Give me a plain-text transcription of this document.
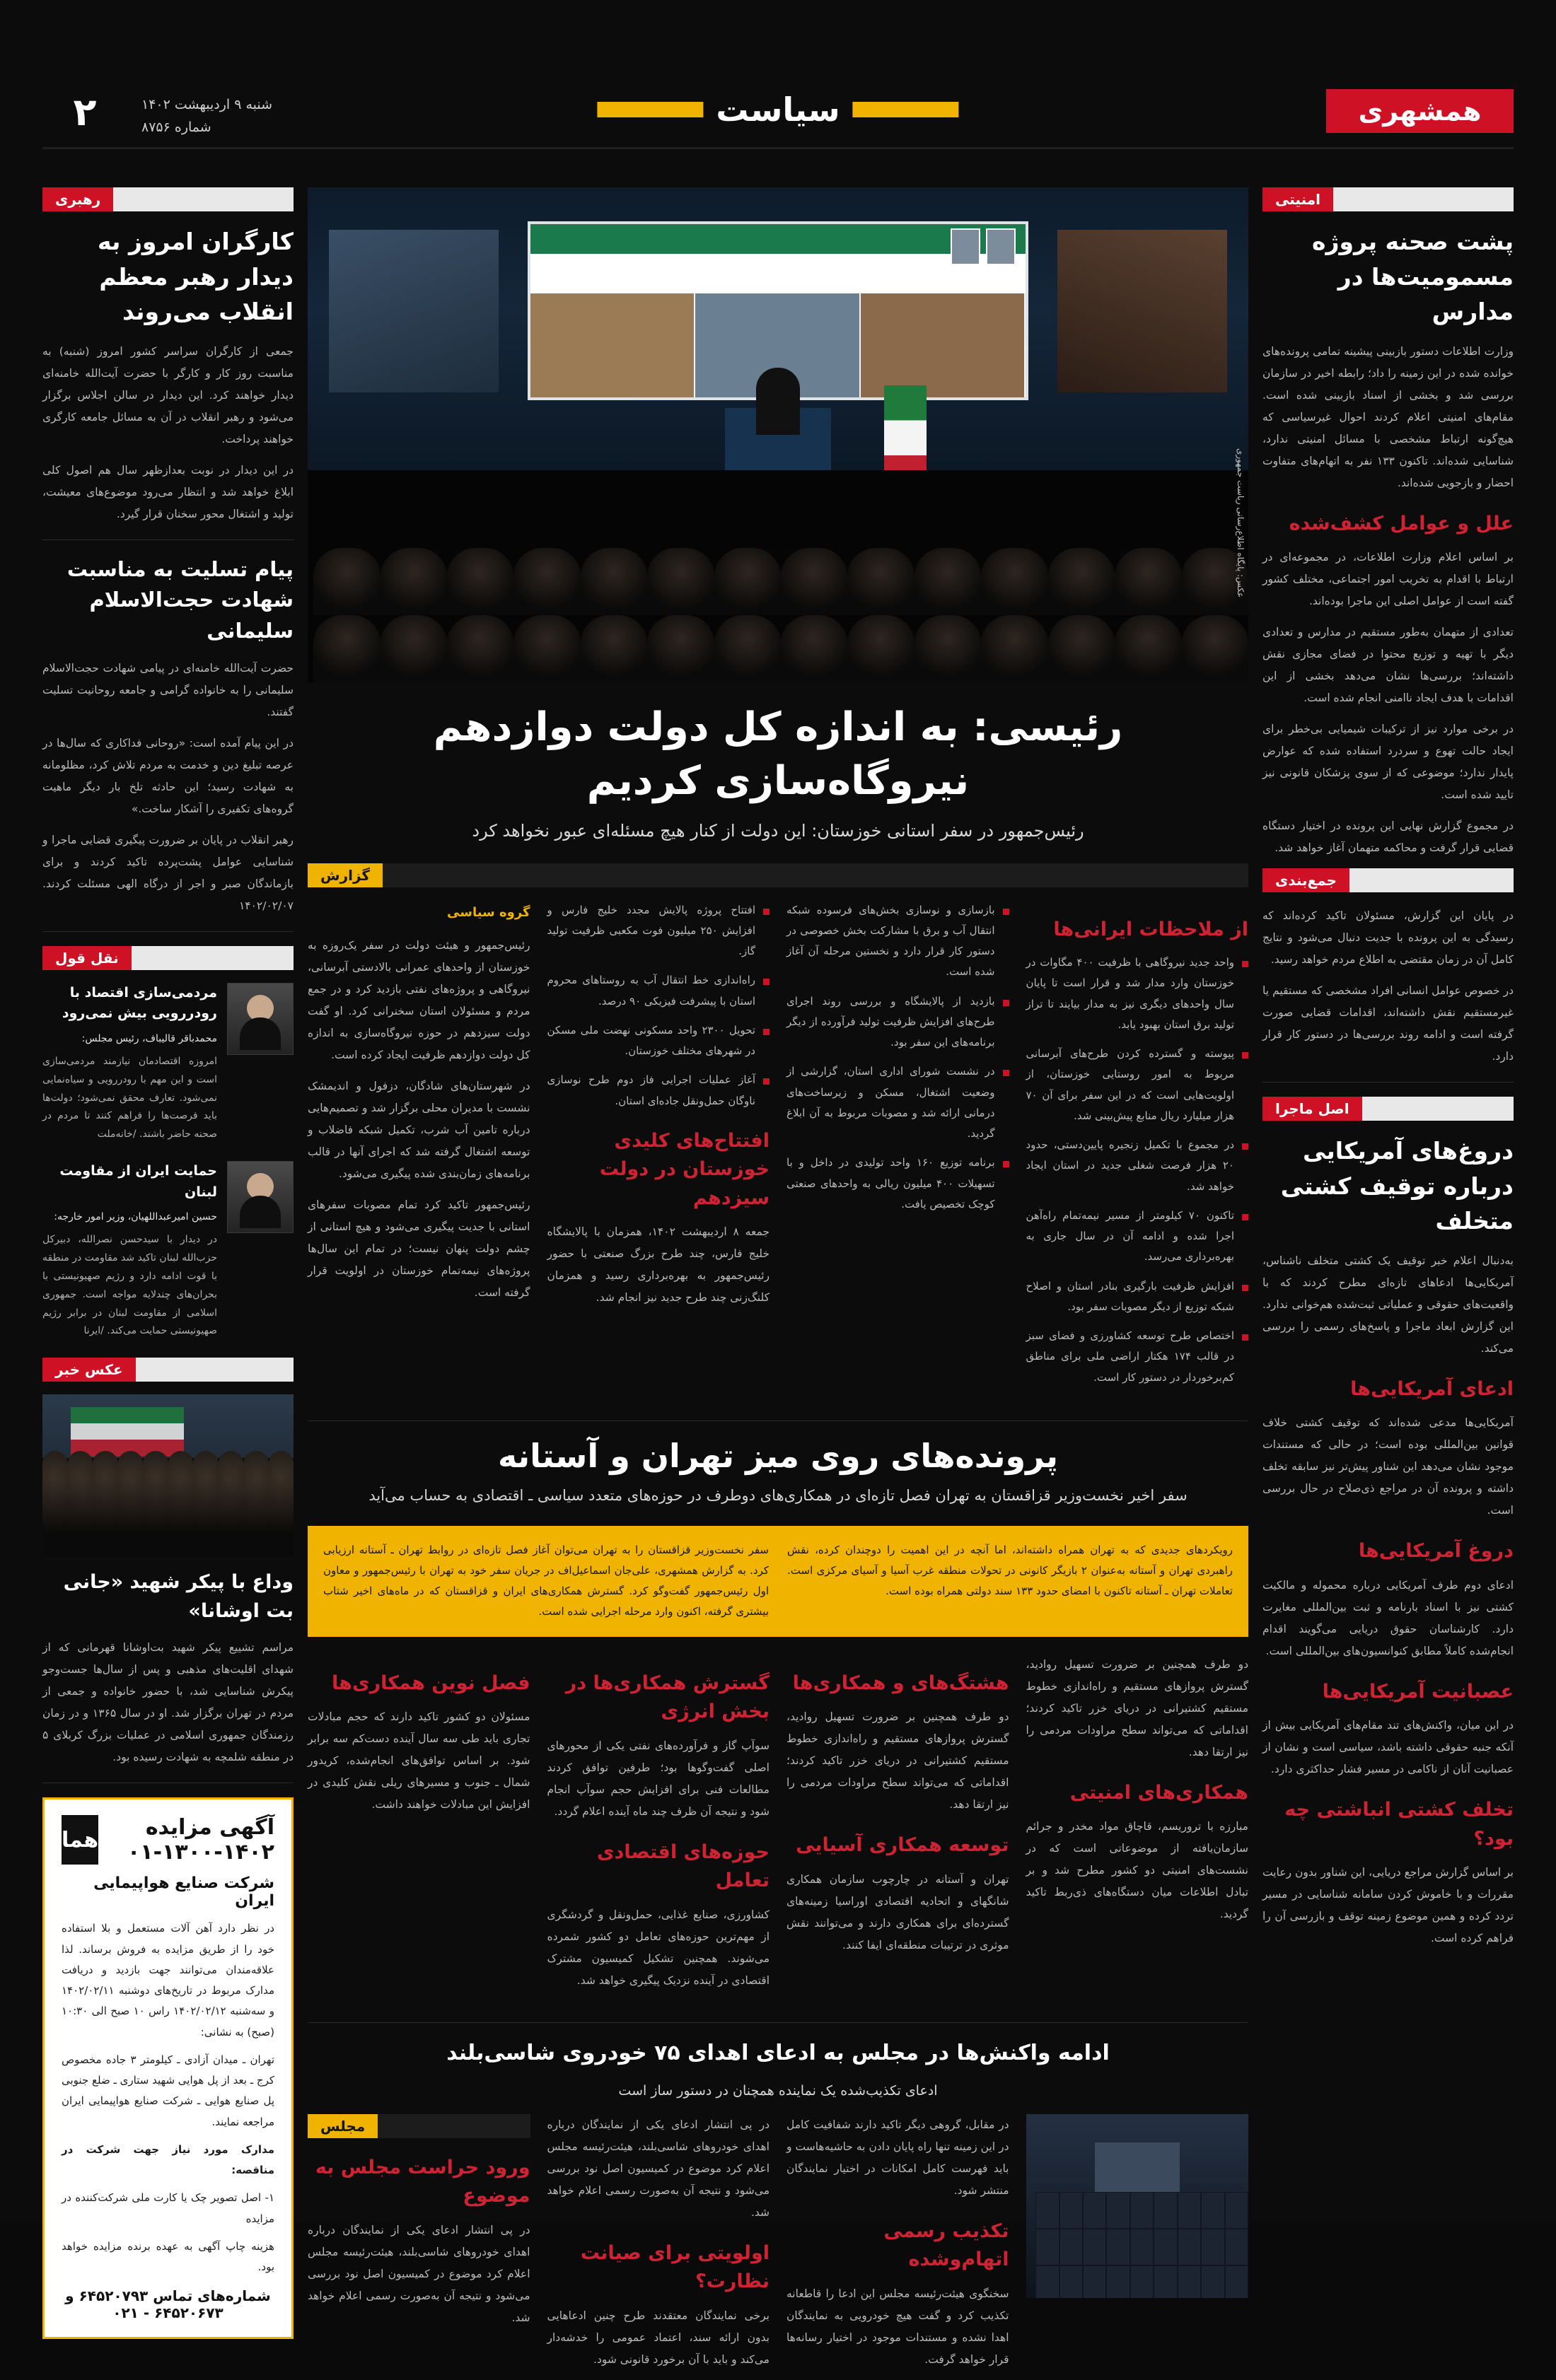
همشهری
سیاست
شنبه ۹ اردیبهشت ۱۴۰۲
شماره ۸۷۵۶
۲
امنیتی
پشت صحنه پروژه مسمومیت‌ها در مدارس

وزارت اطلاعات دستور بازبینی پیشینه تمامی پرونده‌های خوانده شده در این زمینه را داد؛ رابطه اخیر در سازمان بررسی شد و بخشی از اسناد بازبینی شده است. مقام‌های امنیتی اعلام کردند احوال غیرسیاسی که هیچ‌گونه ارتباط مشخصی با مسائل امنیتی ندارد، شناسایی شده‌اند. تاکنون ۱۳۳ نفر به اتهام‌های متفاوت احضار و بازجویی شده‌اند.

علل و عوامل کشف‌شده

بر اساس اعلام وزارت اطلاعات، در مجموعه‌ای در ارتباط با اقدام به تخریب امور اجتماعی، مختلف کشور گفته است از عوامل اصلی این ماجرا بوده‌اند.

تعدادی از متهمان به‌طور مستقیم در مدارس و تعدادی دیگر با تهیه و توزیع محتوا در فضای مجازی نقش داشته‌اند؛ بررسی‌ها نشان می‌دهد بخشی از این اقدامات با هدف ایجاد ناامنی انجام شده است.

در برخی موارد نیز از ترکیبات شیمیایی بی‌خطر برای ایجاد حالت تهوع و سردرد استفاده شده که عوارض پایدار ندارد؛ موضوعی که از سوی پزشکان قانونی نیز تایید شده است.

در مجموع گزارش نهایی این پرونده در اختیار دستگاه قضایی قرار گرفت و محاکمه متهمان آغاز خواهد شد.

جمع‌بندی

در پایان این گزارش، مسئولان تاکید کرده‌اند که رسیدگی به این پرونده با جدیت دنبال می‌شود و نتایج کامل آن در زمان مقتضی به اطلاع مردم خواهد رسید.

در خصوص عوامل انسانی افراد مشخصی که مستقیم یا غیرمستقیم نقش داشته‌اند، اقدامات قضایی صورت گرفته است و ادامه روند بررسی‌ها در دستور کار قرار دارد.

اصل ماجرا
دروغ‌های آمریکایی درباره توقیف کشتی متخلف

به‌دنبال اعلام خبر توقیف یک کشتی متخلف ناشناس، آمریکایی‌ها ادعاهای تازه‌ای مطرح کردند که با واقعیت‌های حقوقی و عملیاتی ثبت‌شده هم‌خوانی ندارد. این گزارش ابعاد ماجرا و پاسخ‌های رسمی را بررسی می‌کند.

ادعای آمریکایی‌ها

آمریکایی‌ها مدعی شده‌اند که توقیف کشتی خلاف قوانین بین‌المللی بوده است؛ در حالی که مستندات موجود نشان می‌دهد این شناور پیش‌تر نیز سابقه تخلف داشته و پرونده آن در مراجع ذی‌صلاح در حال بررسی است.

دروغ آمریکایی‌ها

ادعای دوم طرف آمریکایی درباره محموله و مالکیت کشتی نیز با اسناد بارنامه و ثبت بین‌المللی مغایرت دارد. کارشناسان حقوق دریایی می‌گویند اقدام انجام‌شده کاملاً مطابق کنوانسیون‌های بین‌المللی است.

عصبانیت آمریکایی‌ها

در این میان، واکنش‌های تند مقام‌های آمریکایی بیش از آنکه جنبه حقوقی داشته باشد، سیاسی است و نشان از عصبانیت آنان از ناکامی در مسیر فشار حداکثری دارد.

تخلف کشتی انباشتی چه بود؟

بر اساس گزارش مراجع دریایی، این شناور بدون رعایت مقررات و با خاموش کردن سامانه شناسایی در مسیر تردد کرده و همین موضوع زمینه توقف و بازرسی آن را فراهم کرده است.

عکس: پایگاه اطلاع‌رسانی ریاست جمهوری
رئیسی: به اندازه کل دولت دوازدهم نیروگاه‌سازی کردیم

رئیس‌جمهور در سفر استانی خوزستان: این دولت از کنار هیچ مسئله‌ای عبور نخواهد کرد

گزارش
از ملاحظات ایرانی‌ها
واحد جدید نیروگاهی با ظرفیت ۴۰۰ مگاوات در خوزستان وارد مدار شد و قرار است تا پایان سال واحدهای دیگری نیز به مدار بیایند تا تراز تولید برق استان بهبود یابد.
پیوسته و گسترده کردن طرح‌های آبرسانی مربوط به امور روستایی خوزستان، از اولویت‌هایی است که در این سفر برای آن ۷۰ هزار میلیارد ریال منابع پیش‌بینی شد.
در مجموع با تکمیل زنجیره پایین‌دستی، حدود ۲۰ هزار فرصت شغلی جدید در استان ایجاد خواهد شد.
تاکنون ۷۰ کیلومتر از مسیر نیمه‌تمام راه‌آهن اجرا شده و ادامه آن در سال جاری به بهره‌برداری می‌رسد.
افزایش ظرفیت بارگیری بنادر استان و اصلاح شبکه توزیع از دیگر مصوبات سفر بود.
اختصاص طرح توسعه کشاورزی و فضای سبز در قالب ۱۷۴ هکتار اراضی ملی برای مناطق کم‌برخوردار در دستور کار است.
بازسازی و نوسازی بخش‌های فرسوده شبکه انتقال آب و برق با مشارکت بخش خصوصی در دستور کار قرار دارد و نخستین مرحله آن آغاز شده است.
بازدید از پالایشگاه و بررسی روند اجرای طرح‌های افزایش ظرفیت تولید فرآورده از دیگر برنامه‌های این سفر بود.
در نشست شورای اداری استان، گزارشی از وضعیت اشتغال، مسکن و زیرساخت‌های درمانی ارائه شد و مصوبات مربوط به آن ابلاغ گردید.
برنامه توزیع ۱۶۰ واحد تولیدی در داخل و با تسهیلات ۴۰۰ میلیون ریالی به واحدهای صنعتی کوچک تخصیص یافت.
افتتاح پروژه پالایش مجدد خلیج فارس و افزایش ۲۵۰ میلیون فوت مکعبی ظرفیت تولید گاز.
راه‌اندازی خط انتقال آب به روستاهای محروم استان با پیشرفت فیزیکی ۹۰ درصد.
تحویل ۲۳۰۰ واحد مسکونی نهضت ملی مسکن در شهرهای مختلف خوزستان.
آغاز عملیات اجرایی فاز دوم طرح نوسازی ناوگان حمل‌ونقل جاده‌ای استان.
افتتاح‌های کلیدی خوزستان در دولت سیزدهم

جمعه ۸ اردیبهشت ۱۴۰۲، همزمان با پالایشگاه خلیج فارس، چند طرح بزرگ صنعتی با حضور رئیس‌جمهور به بهره‌برداری رسید و همزمان کلنگ‌زنی چند طرح جدید نیز انجام شد.

گروه سیاسی

رئیس‌جمهور و هیئت دولت در سفر یک‌روزه به خوزستان از واحدهای عمرانی بالادستی آبرسانی، نیروگاهی و پروژه‌های نفتی بازدید کرد و در جمع مردم و مسئولان استان سخنرانی کرد. او گفت دولت سیزدهم در حوزه نیروگاه‌سازی به اندازه کل دولت دوازدهم ظرفیت ایجاد کرده است.

در شهرستان‌های شادگان، دزفول و اندیمشک نشست با مدیران محلی برگزار شد و تصمیم‌هایی درباره تامین آب شرب، تکمیل شبکه فاضلاب و توسعه اشتغال گرفته شد که اجرای آنها در قالب برنامه‌های زمان‌بندی شده پیگیری می‌شود.

رئیس‌جمهور تاکید کرد تمام مصوبات سفرهای استانی با جدیت پیگیری می‌شود و هیچ استانی از چشم دولت پنهان نیست؛ در تمام این سال‌ها پروژه‌های نیمه‌تمام خوزستان در اولویت قرار گرفته است.

پرونده‌های روی میز تهران و آستانه

سفر اخیر نخست‌وزیر قزاقستان به تهران فصل تازه‌ای در همکاری‌های دوطرف در حوزه‌های متعدد سیاسی ـ اقتصادی به حساب می‌آید

رویکردهای جدیدی که به تهران همراه داشته‌اند، اما آنچه در این اهمیت را دوچندان کرده، نقش راهبردی تهران و آستانه به‌عنوان ۲ بازیگر کانونی در تحولات منطقه غرب آسیا و آسیای مرکزی است. تعاملات تهران ـ آستانه تاکنون با امضای حدود ۱۳۳ سند دولتی همراه بوده است.

سفر نخست‌وزیر قزاقستان را به تهران می‌توان آغاز فصل تازه‌ای در روابط تهران ـ آستانه ارزیابی کرد. به گزارش همشهری، علی‌جان اسماعیل‌اف در جریان سفر خود به تهران با رئیس‌جمهور و معاون اول رئیس‌جمهور گفت‌وگو کرد. گسترش همکاری‌های ایران و قزاقستان که در ماه‌های اخیر شتاب بیشتری گرفته، اکنون وارد مرحله اجرایی شده است.

دو طرف همچنین بر ضرورت تسهیل روادید، گسترش پروازهای مستقیم و راه‌اندازی خطوط مستقیم کشتیرانی در دریای خزر تاکید کردند؛ اقداماتی که می‌تواند سطح مراودات مردمی را نیز ارتقا دهد.

همکاری‌های امنیتی

مبارزه با تروریسم، قاچاق مواد مخدر و جرائم سازمان‌یافته از موضوعاتی است که در نشست‌های امنیتی دو کشور مطرح شد و بر تبادل اطلاعات میان دستگاه‌های ذی‌ربط تاکید گردید.

هشتگ‌های و همکاری‌ها

دو طرف همچنین بر ضرورت تسهیل روادید، گسترش پروازهای مستقیم و راه‌اندازی خطوط مستقیم کشتیرانی در دریای خزر تاکید کردند؛ اقداماتی که می‌تواند سطح مراودات مردمی را نیز ارتقا دهد.

توسعه همکاری آسیایی

تهران و آستانه در چارچوب سازمان همکاری شانگهای و اتحادیه اقتصادی اوراسیا زمینه‌های گسترده‌ای برای همکاری دارند و می‌توانند نقش موثری در ترتیبات منطقه‌ای ایفا کنند.

گسترش همکاری‌ها در بخش انرژی

سوآپ گاز و فرآورده‌های نفتی یکی از محورهای اصلی گفت‌وگوها بود؛ طرفین توافق کردند مطالعات فنی برای افزایش حجم سوآپ انجام شود و نتیجه آن ظرف چند ماه آینده اعلام گردد.

حوزه‌های اقتصادی تعامل

کشاورزی، صنایع غذایی، حمل‌ونقل و گردشگری از مهم‌ترین حوزه‌های تعامل دو کشور شمرده می‌شوند. همچنین تشکیل کمیسیون مشترک اقتصادی در آینده نزدیک پیگیری خواهد شد.

فصل نوین همکاری‌ها

مسئولان دو کشور تاکید دارند که حجم مبادلات تجاری باید طی سه سال آینده دست‌کم سه برابر شود. بر اساس توافق‌های انجام‌شده، کریدور شمال ـ جنوب و مسیرهای ریلی نقش کلیدی در افزایش این مبادلات خواهند داشت.

ادامه واکنش‌ها در مجلس به ادعای اهدای ۷۵ خودروی شاسی‌بلند

ادعای تکذیب‌شده یک نماینده همچنان در دستور ساز است

در مقابل، گروهی دیگر تاکید دارند شفافیت کامل در این زمینه تنها راه پایان دادن به حاشیه‌هاست و باید فهرست کامل امکانات در اختیار نمایندگان منتشر شود.

تکذیب رسمی اتهام‌وشده

سخنگوی هیئت‌رئیسه مجلس این ادعا را قاطعانه تکذیب کرد و گفت هیچ خودرویی به نمایندگان اهدا نشده و مستندات موجود در اختیار رسانه‌ها قرار خواهد گرفت.

در پی انتشار ادعای یکی از نمایندگان درباره اهدای خودروهای شاسی‌بلند، هیئت‌رئیسه مجلس اعلام کرد موضوع در کمیسیون اصل نود بررسی می‌شود و نتیجه آن به‌صورت رسمی اعلام خواهد شد.

اولویتی برای صیانت نظارت؟

برخی نمایندگان معتقدند طرح چنین ادعاهایی بدون ارائه سند، اعتماد عمومی را خدشه‌دار می‌کند و باید با آن برخورد قانونی شود.

مجلس
ورود حراست مجلس به موضوع

در پی انتشار ادعای یکی از نمایندگان درباره اهدای خودروهای شاسی‌بلند، هیئت‌رئیسه مجلس اعلام کرد موضوع در کمیسیون اصل نود بررسی می‌شود و نتیجه آن به‌صورت رسمی اعلام خواهد شد.

رهبری
کارگران امروز به دیدار رهبر معظم انقلاب می‌روند

جمعی از کارگران سراسر کشور امروز (شنبه) به مناسبت روز کار و کارگر با حضرت آیت‌الله خامنه‌ای دیدار خواهند کرد. این دیدار در سالن اجلاس برگزار می‌شود و رهبر انقلاب در آن به مسائل جامعه کارگری خواهند پرداخت.

در این دیدار در نوبت بعدازظهر سال هم اصول کلی ابلاغ خواهد شد و انتظار می‌رود موضوع‌های معیشت، تولید و اشتغال محور سخنان قرار گیرد.

پیام تسلیت به مناسبت شهادت حجت‌الاسلام سلیمانی

حضرت آیت‌الله خامنه‌ای در پیامی شهادت حجت‌الاسلام سلیمانی را به خانواده گرامی و جامعه روحانیت تسلیت گفتند.

در این پیام آمده است: «روحانی فداکاری که سال‌ها در عرصه تبلیغ دین و خدمت به مردم تلاش کرد، مظلومانه به شهادت رسید؛ این حادثه تلخ بار دیگر ماهیت گروه‌های تکفیری را آشکار ساخت.»

رهبر انقلاب در پایان بر ضرورت پیگیری قضایی ماجرا و شناسایی عوامل پشت‌پرده تاکید کردند و برای بازماندگان صبر و اجر از درگاه الهی مسئلت کردند. ۱۴۰۲/۰۲/۰۷

نقل قول
مردمی‌سازی اقتصاد با رودررویی بیش نمی‌رود

محمدباقر قالیباف، رئیس مجلس:

امروزه اقتصادمان نیازمند مردمی‌سازی است و این مهم با رودررویی و سیاه‌نمایی نمی‌شود. تعارف محقق نمی‌شود؛ دولت‌ها باید فرصت‌ها را فراهم کنند تا مردم در صحنه حاضر باشند. /خانه‌ملت

حمایت ایران از مقاومت لبنان

حسین امیرعبداللهیان، وزیر امور خارجه:

در دیدار با سیدحسن نصرالله، دبیرکل حزب‌الله لبنان تاکید شد مقاومت در منطقه با قوت ادامه دارد و رژیم صهیونیستی با بحران‌های چندلایه مواجه است. جمهوری اسلامی از مقاومت لبنان در برابر رژیم صهیونیستی حمایت می‌کند. /ایرنا

عکس خبر
وداع با پیکر شهید «جانی بت اوشانا»

مراسم تشییع پیکر شهید بت‌اوشانا قهرمانی که از شهدای اقلیت‌های مذهبی و پس از سال‌ها جست‌وجو پیکرش شناسایی شد، با حضور خانواده و جمعی از مردم در تهران برگزار شد. او در سال ۱۳۶۵ و در زمان رزمندگان جمهوری اسلامی در عملیات بزرگ کربلای ۵ در منطقه شلمچه به شهادت رسیده بود.

آگهی مزایده ۱۴۰۲-۱۳۰۰-۰۱
هما
شرکت صنایع هواپیمایی ایران

در نظر دارد آهن آلات مستعمل و بلا استفاده خود را از طریق مزایده به فروش برساند. لذا علاقه‌مندان می‌توانند جهت بازدید و دریافت مدارک مربوط در تاریخ‌های دوشنبه ۱۴۰۲/۰۲/۱۱ و سه‌شنبه ۱۴۰۲/۰۲/۱۲ راس ۱۰ صبح الی ۱۰:۳۰ (صبح) به نشانی:

تهران ـ میدان آزادی ـ کیلومتر ۳ جاده مخصوص کرج ـ بعد از پل هوایی شهید ستاری ـ ضلع جنوبی پل صنایع هوایی ـ شرکت صنایع هواپیمایی ایران مراجعه نمایند.

مدارک مورد نیاز جهت شرکت در مناقصه:

۱- اصل تصویر چک یا کارت ملی شرکت‌کننده در مزایده

هزینه چاپ آگهی به عهده برنده مزایده خواهد بود.

شماره‌های تماس ۶۴۵۲۰۷۹۳ و ۶۴۵۲۰۶۷۳ - ۰۲۱
